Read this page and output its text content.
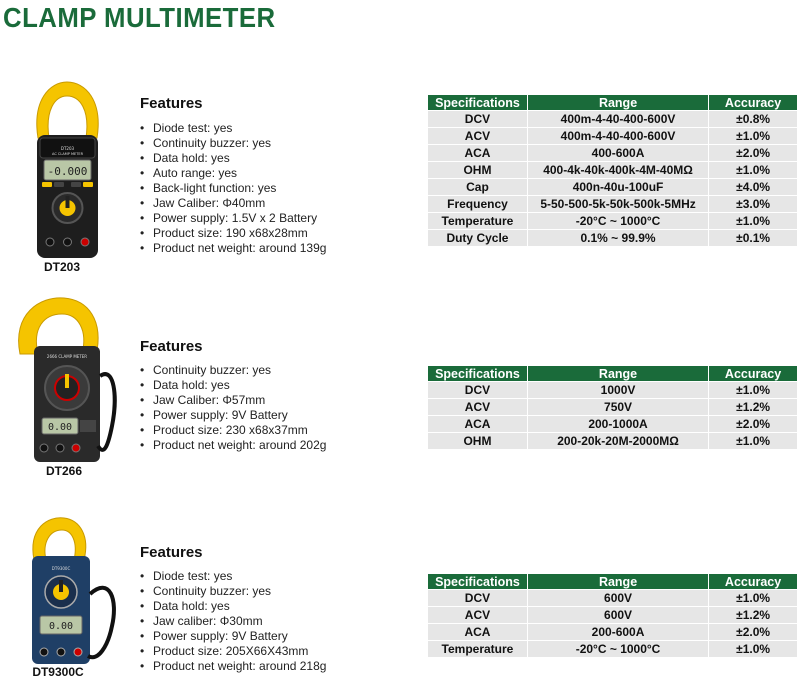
CLAMP MULTIMETER
DT203
AC CLAMP METER
-0.000
DT203
Features
• Diode test: yes
• Continuity buzzer: yes
• Data hold: yes
• Auto range: yes
• Back-light function: yes
• Jaw Caliber: Φ40mm
• Power supply: 1.5V x 2 Battery
• Product size: 190 x68x28mm
• Product net weight: around 139g
Specifications	Range	Accuracy
DCV	400m-4-40-400-600V	±0.8%
ACV	400m-4-40-400-600V	±1.0%
ACA	400-600A	±2.0%
OHM	400-4k-40k-400k-4M-40MΩ	±1.0%
Cap	400n-40u-100uF	±4.0%
Frequency	5-50-500-5k-50k-500k-5MHz	±3.0%
Temperature	-20°C ~ 1000°C	±1.0%
Duty Cycle	0.1% ~ 99.9%	±0.1%
2666 CLAMP METER
0.00
DT266
Features
• Continuity buzzer: yes
• Data hold: yes
• Jaw Caliber: Φ57mm
• Power supply: 9V Battery
• Product size: 230 x68x37mm
• Product net weight: around 202g
Specifications	Range	Accuracy
DCV	1000V	±1.0%
ACV	750V	±1.2%
ACA	200-1000A	±2.0%
OHM	200-20k-20M-2000MΩ	±1.0%
DT9300C
0.00
DT9300C
Features
• Diode test: yes
• Continuity buzzer: yes
• Data hold: yes
• Jaw caliber: Φ30mm
• Power supply: 9V Battery
• Product size: 205X66X43mm
• Product net weight: around 218g
Specifications	Range	Accuracy
DCV	600V	±1.0%
ACV	600V	±1.2%
ACA	200-600A	±2.0%
Temperature	-20°C ~ 1000°C	±1.0%
